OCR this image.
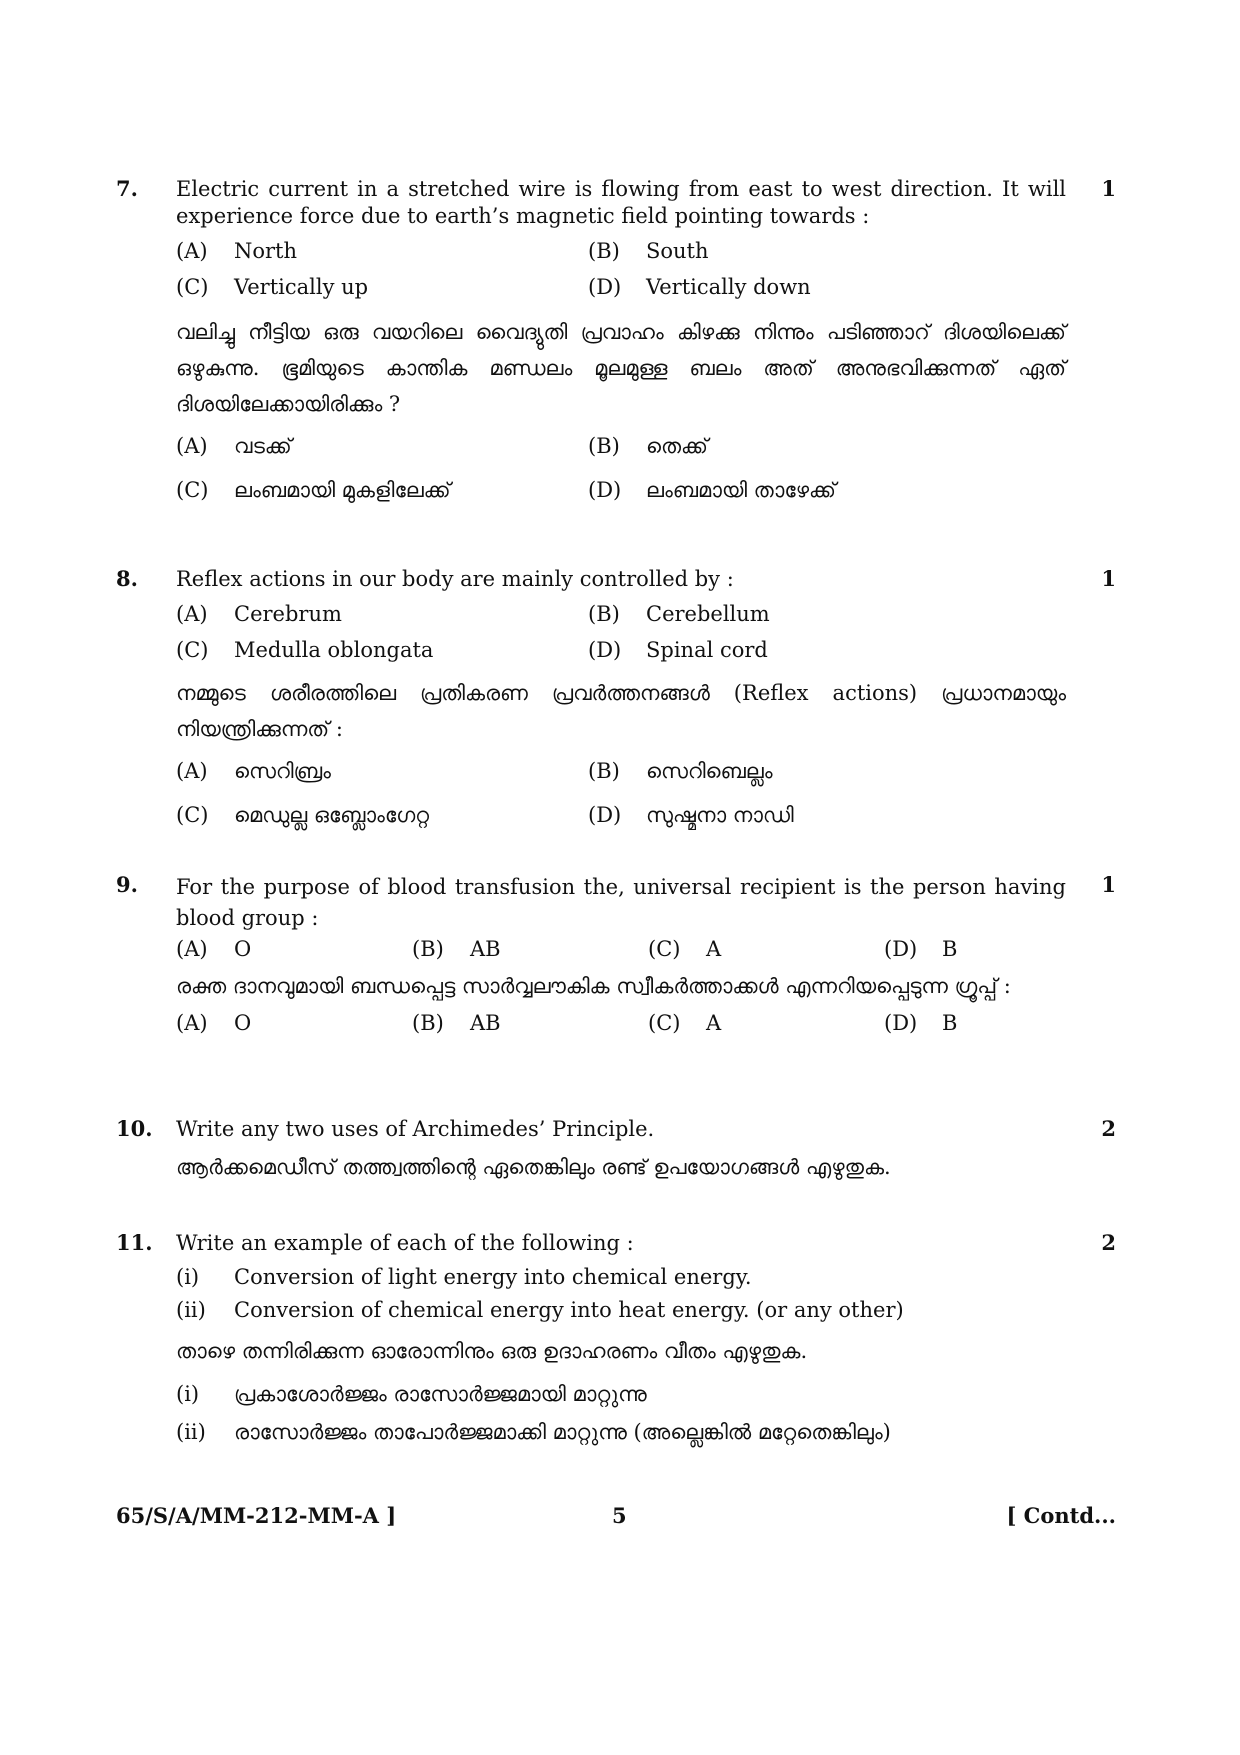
7.	1
Electric current in a stretched wire is flowing from east to west direction. It will experience force due to earth’s magnetic field pointing towards :
(A)	North	(B)	South
(C)	Vertically up	(D)	Vertically down
വലിച്ചു നീട്ടിയ ഒരു വയറിലെ വൈദ്യുതി പ്രവാഹം കിഴക്കു നിന്നും പടിഞ്ഞാറ് ദിശയിലെക്ക് ഒഴുകുന്നു. ഭൂമിയുടെ കാന്തിക മണ്ഡലം മൂലമുള്ള ബലം അത് അനുഭവിക്കുന്നത് ഏത് ദിശയിലേക്കായിരിക്കും ?
(A)	വടക്ക്	(B)	തെക്ക്
(C)	ലംബമായി മുകളിലേക്ക്	(D)	ലംബമായി താഴേക്ക്
8.	1
Reflex actions in our body are mainly controlled by :
(A)	Cerebrum	(B)	Cerebellum
(C)	Medulla oblongata	(D)	Spinal cord
നമ്മുടെ ശരീരത്തിലെ പ്രതികരണ പ്രവർത്തനങ്ങൾ (Reflex actions) പ്രധാനമായും നിയന്ത്രിക്കുന്നത് :
(A)	സെറിബ്രം	(B)	സെറിബെല്ലം
(C)	മെഡുല്ല ഒബ്ലോംഗേറ്റ	(D)	സുഷ്മനാ നാഡി
9.	1
For the purpose of blood transfusion the, universal recipient is the person having blood group :
(A)	O	(B)	AB	(C)	A	(D)	B
രക്ത ദാനവുമായി ബന്ധപ്പെട്ട സാർവ്വലൗകിക സ്വീകർത്താക്കൾ എന്നറിയപ്പെടുന്ന ഗ്രൂപ്പ് :
(A)	O	(B)	AB	(C)	A	(D)	B
10.	2
Write any two uses of Archimedes’ Principle.
ആർക്കമെഡീസ് തത്ത്വത്തിന്റെ ഏതെങ്കിലും രണ്ട് ഉപയോഗങ്ങൾ എഴുതുക.
11.	2
Write an example of each of the following :
(i)	Conversion of light energy into chemical energy.
(ii)	Conversion of chemical energy into heat energy. (or any other)
താഴെ തന്നിരിക്കുന്ന ഓരോന്നിനും ഒരു ഉദാഹരണം വീതം എഴുതുക.
(i)	പ്രകാശോർജ്ജം രാസോർജ്ജമായി മാറ്റുന്നു
(ii)	രാസോർജ്ജം താപോർജ്ജമാക്കി മാറ്റുന്നു (അല്ലെങ്കിൽ മറ്റേതെങ്കിലും)
65/S/A/MM-212-MM-A ]	5	[ Contd...
